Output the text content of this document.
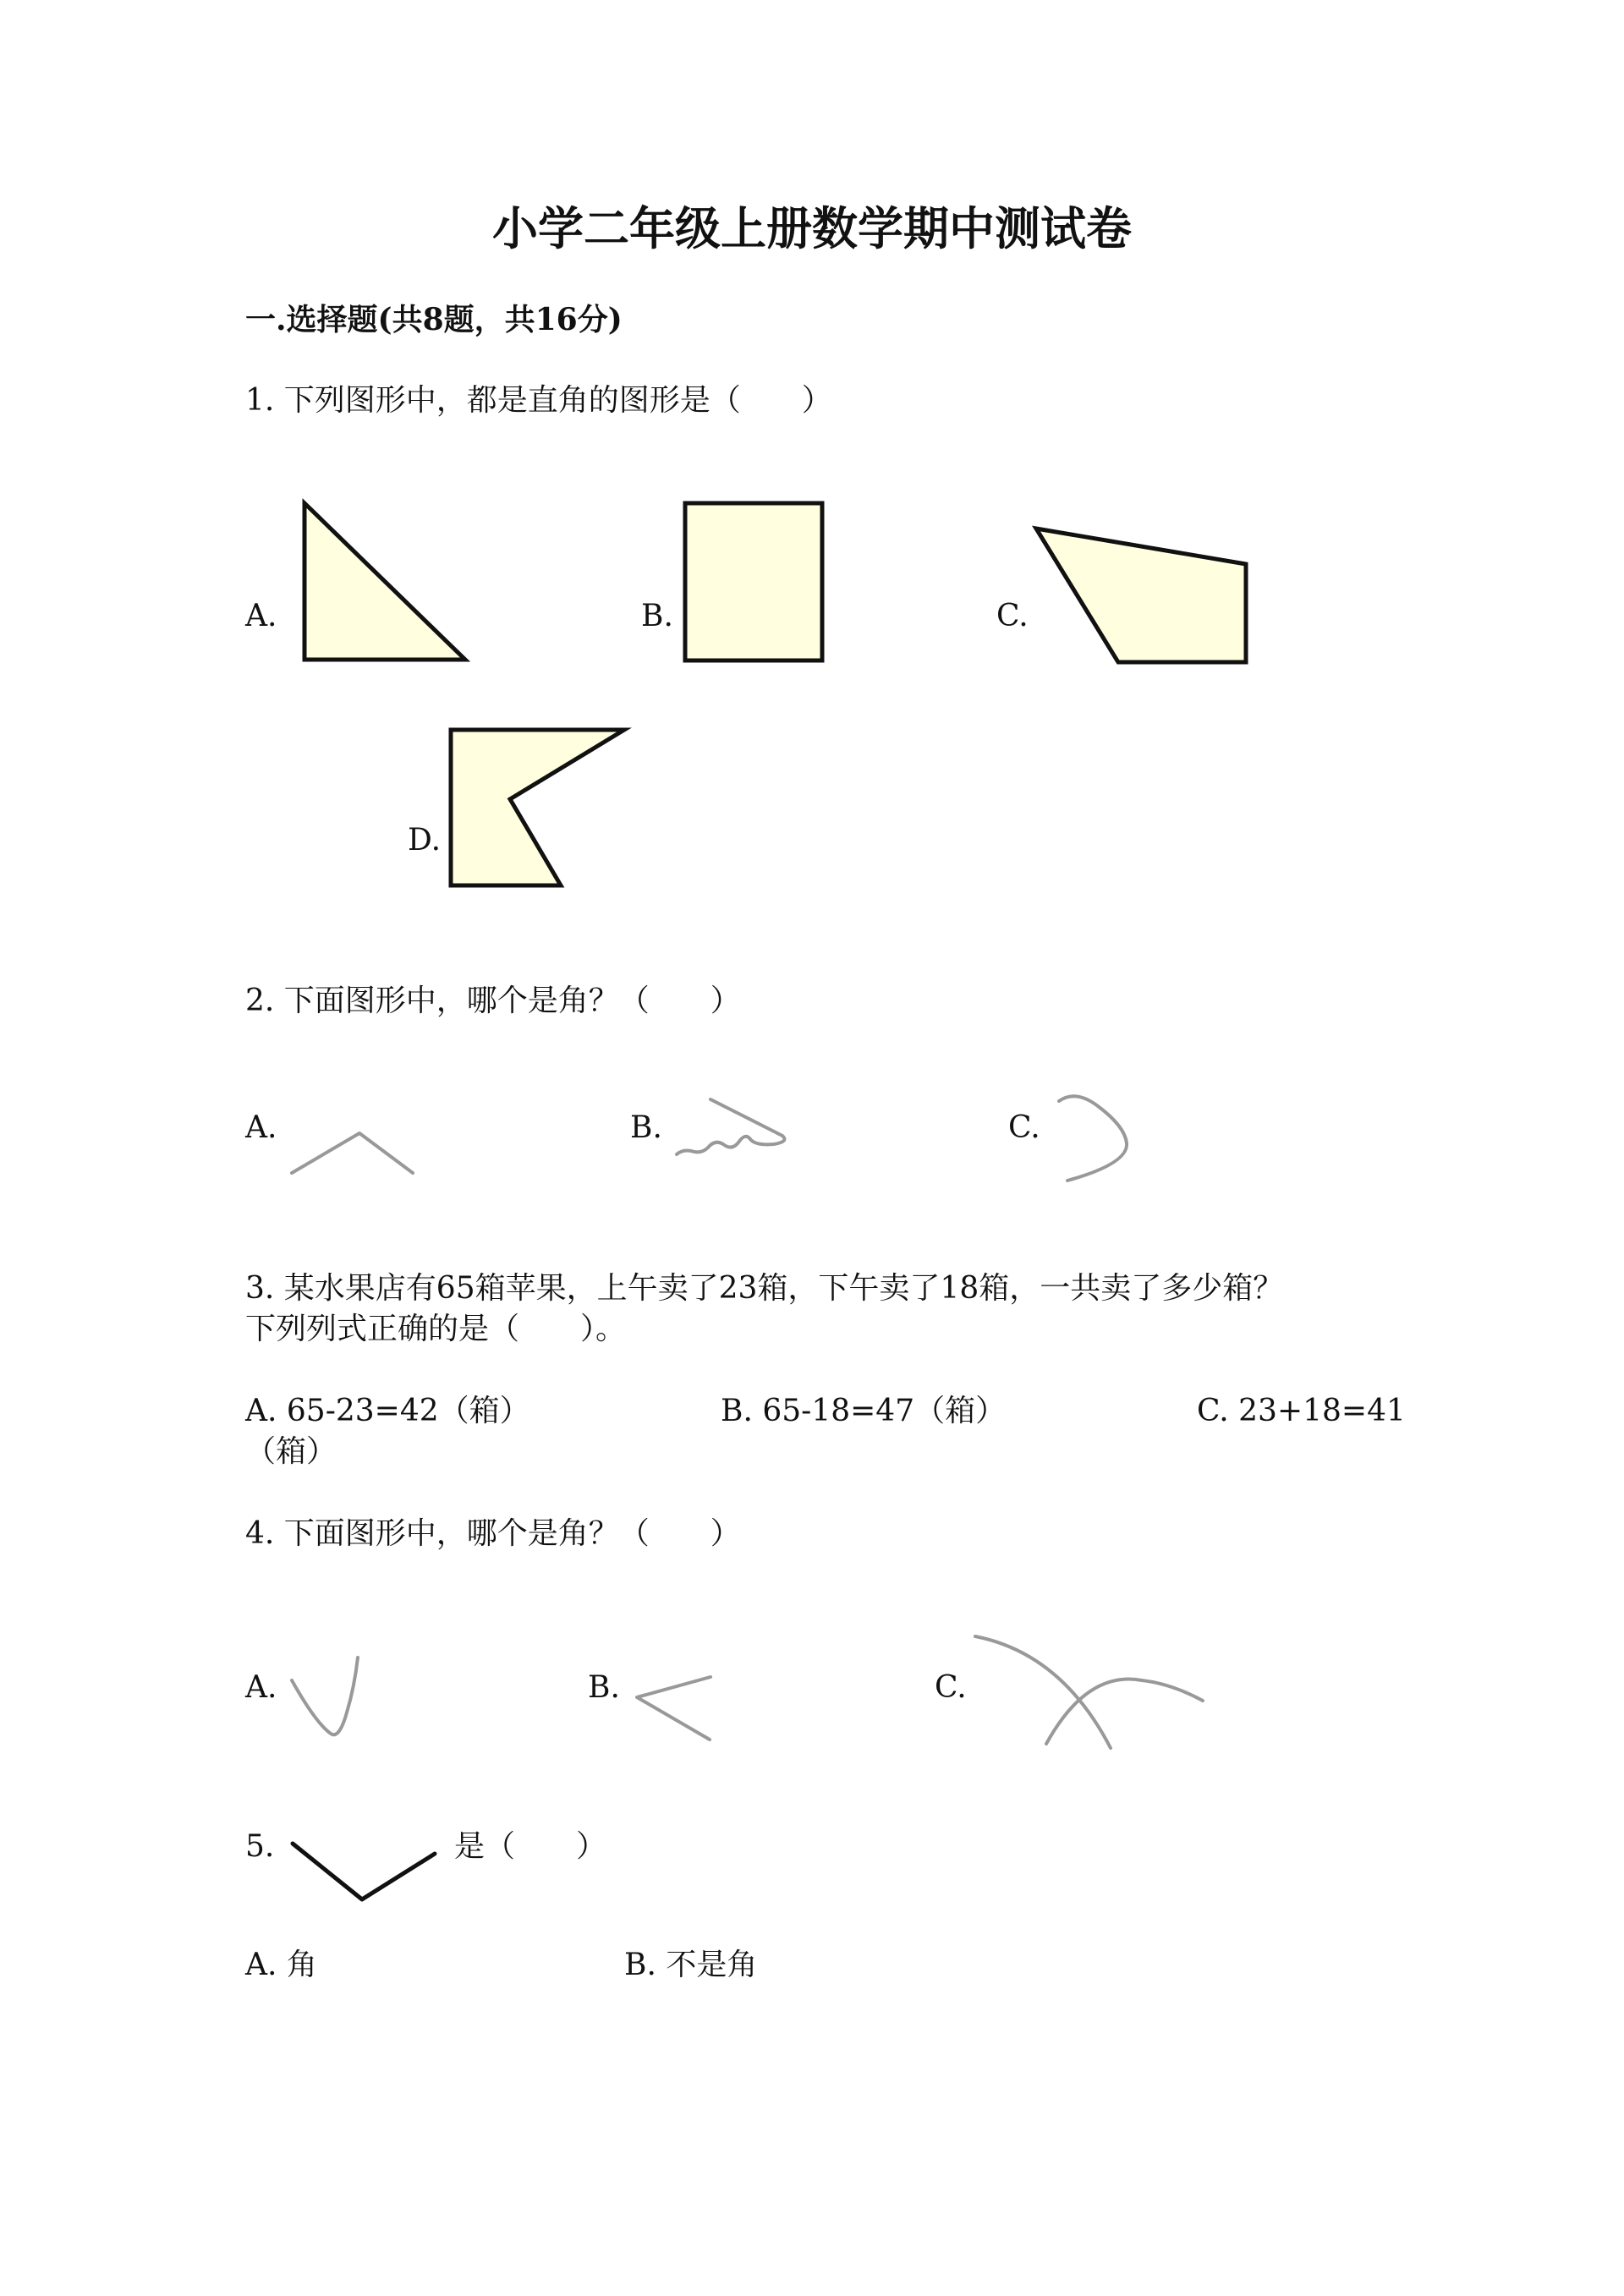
小学二年级上册数学期中测试卷
一.选择题(共8题，共16分)
1. 下列图形中，都是直角的图形是（　　）
A.	B.	C.
D.
2. 下面图形中，哪个是角？（　　）
A.	B.	C.
3. 某水果店有65箱苹果，上午卖了23箱，下午卖了18箱，一共卖了多少箱？
下列列式正确的是（　　）。
A. 65-23=42（箱）	B. 65-18=47（箱）	C. 23+18=41
（箱）
4. 下面图形中，哪个是角？（　　）
A.	B.	C.
5.	是（　　）
A. 角	B. 不是角
